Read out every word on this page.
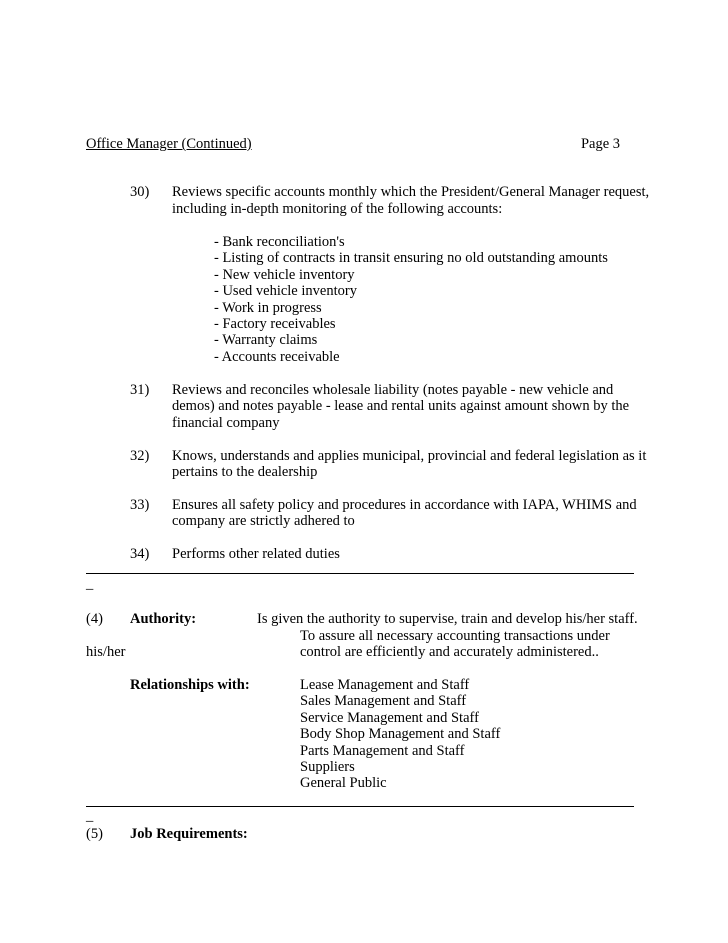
Office Manager (Continued)	Page 3
30) Reviews specific accounts monthly which the President/General Manager request,
including in-depth monitoring of the following accounts:
- Bank reconciliation's
- Listing of contracts in transit ensuring no old outstanding amounts
- New vehicle inventory
- Used vehicle inventory
- Work in progress
- Factory receivables
- Warranty claims
- Accounts receivable
31) Reviews and reconciles wholesale liability (notes payable - new vehicle and
demos) and notes payable - lease and rental units against amount shown by the
financial company
32) Knows, understands and applies municipal, provincial and federal legislation as it
pertains to the dealership
33) Ensures all safety policy and procedures in accordance with IAPA, WHIMS and
company are strictly adhered to
34) Performs other related duties
_
(4) Authority:	Is given the authority to supervise, train and develop his/her staff.
To assure all necessary accounting transactions under
his/her	control are efficiently and accurately administered..
Relationships with:	Lease Management and Staff
Sales Management and Staff
Service Management and Staff
Body Shop Management and Staff
Parts Management and Staff
Suppliers
General Public
_
(5) Job Requirements:
